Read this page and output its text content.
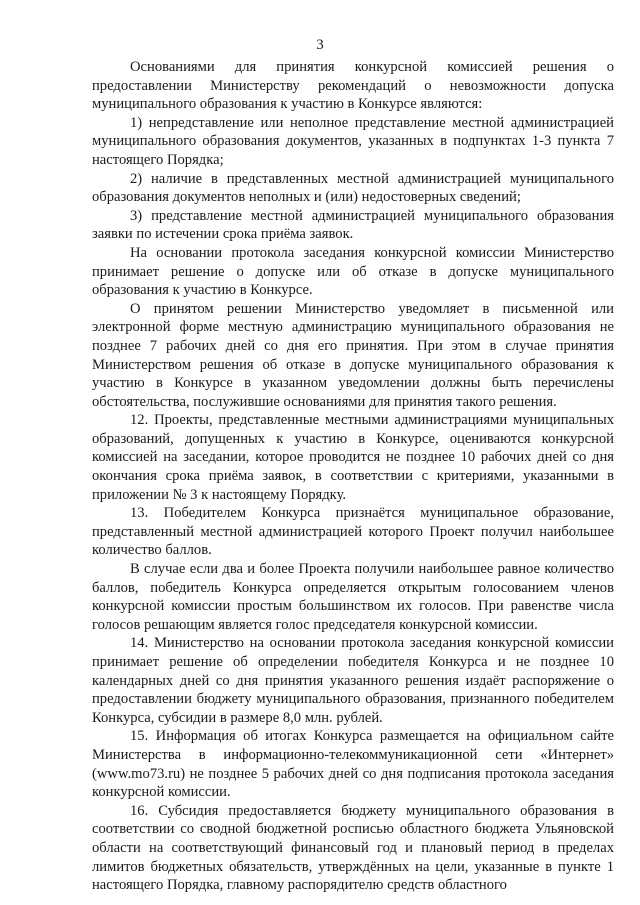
3

Основаниями для принятия конкурсной комиссией решения о предоставлении Министерству рекомендаций о невозможности допуска муниципального образования к участию в Конкурсе являются:

1) непредставление или неполное представление местной администрацией муниципального образования документов, указанных в подпунктах 1-3 пункта 7 настоящего Порядка;

2) наличие в представленных местной администрацией муниципального образования документов неполных и (или) недостоверных сведений;

3) представление местной администрацией муниципального образования заявки по истечении срока приёма заявок.

На основании протокола заседания конкурсной комиссии Министерство принимает решение о допуске или об отказе в допуске муниципального образования к участию в Конкурсе.

О принятом решении Министерство уведомляет в письменной или электронной форме местную администрацию муниципального образования не позднее 7 рабочих дней со дня его принятия. При этом в случае принятия Министерством решения об отказе в допуске муниципального образования к участию в Конкурсе в указанном уведомлении должны быть перечислены обстоятельства, послужившие основаниями для принятия такого решения.

12. Проекты, представленные местными администрациями муниципальных образований, допущенных к участию в Конкурсе, оцениваются конкурсной комиссией на заседании, которое проводится не позднее 10 рабочих дней со дня окончания срока приёма заявок, в соответствии с критериями, указанными в приложении № 3 к настоящему Порядку.

13. Победителем Конкурса признаётся муниципальное образование, представленный местной администрацией которого Проект получил наибольшее количество баллов.

В случае если два и более Проекта получили наибольшее равное количество баллов, победитель Конкурса определяется открытым голосованием членов конкурсной комиссии простым большинством их голосов. При равенстве числа голосов решающим является голос председателя конкурсной комиссии.

14. Министерство на основании протокола заседания конкурсной комиссии принимает решение об определении победителя Конкурса и не позднее 10 календарных дней со дня принятия указанного решения издаёт распоряжение о предоставлении бюджету муниципального образования, признанного победителем Конкурса, субсидии в размере 8,0 млн. рублей.

15. Информация об итогах Конкурса размещается на официальном сайте Министерства в информационно-телекоммуникационной сети «Интернет» (www.mo73.ru) не позднее 5 рабочих дней со дня подписания протокола заседания конкурсной комиссии.

16. Субсидия предоставляется бюджету муниципального образования в соответствии со сводной бюджетной росписью областного бюджета Ульяновской области на соответствующий финансовый год и плановый период в пределах лимитов бюджетных обязательств, утверждённых на цели, указанные в пункте 1 настоящего Порядка, главному распорядителю средств областного
